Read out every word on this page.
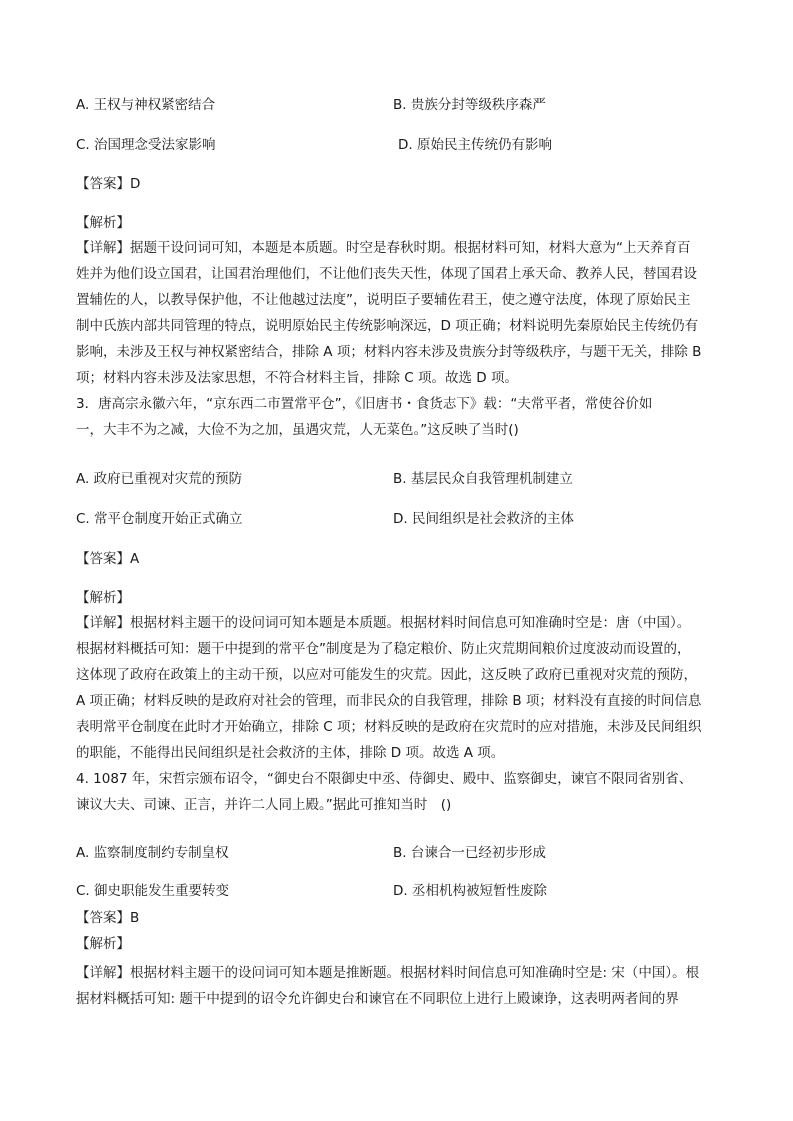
A. 王权与神权紧密结合	B. 贵族分封等级秩序森严
C. 治国理念受法家影响	D. 原始民主传统仍有影响
【答案】D
【解析】
【详解】据题干设问词可知，本题是本质题。时空是春秋时期。根据材料可知，材料大意为“上天养育百
姓并为他们设立国君，让国君治理他们，不让他们丧失天性，体现了国君上承天命、教养人民，替国君设
置辅佐的人，以教导保护他，不让他越过法度”，说明臣子要辅佐君王，使之遵守法度，体现了原始民主
制中氏族内部共同管理的特点，说明原始民主传统影响深远，D 项正确；材料说明先秦原始民主传统仍有
影响，未涉及王权与神权紧密结合，排除 A 项；材料内容未涉及贵族分封等级秩序，与题干无关，排除 B
项；材料内容未涉及法家思想，不符合材料主旨，排除 C 项。故选 D 项。
3．唐高宗永徽六年，“京东西二市置常平仓”，《旧唐书・食货志下》载：“夫常平者，常使谷价如
一，大丰不为之减，大俭不为之加，虽遇灾荒，人无菜色。”这反映了当时()
A. 政府已重视对灾荒的预防	B. 基层民众自我管理机制建立
C. 常平仓制度开始正式确立	D. 民间组织是社会救济的主体
【答案】A
【解析】
【详解】根据材料主题干的设问词可知本题是本质题。根据材料时间信息可知准确时空是：唐（中国）。
根据材料概括可知：题干中提到的常平仓”制度是为了稳定粮价、防止灾荒期间粮价过度波动而设置的，
这体现了政府在政策上的主动干预，以应对可能发生的灾荒。因此，这反映了政府已重视对灾荒的预防，
A 项正确；材料反映的是政府对社会的管理，而非民众的自我管理，排除 B 项；材料没有直接的时间信息
表明常平仓制度在此时才开始确立，排除 C 项；材料反映的是政府在灾荒时的应对措施，未涉及民间组织
的职能，不能得出民间组织是社会救济的主体，排除 D 项。故选 A 项。
4. 1087 年，宋哲宗颁布诏令，“御史台不限御史中丞、侍御史、殿中、监察御史，谏官不限同省别省、
谏议大夫、司谏、正言，并许二人同上殿。”据此可推知当时　()
A. 监察制度制约专制皇权	B. 台谏合一已经初步形成
C. 御史职能发生重要转变	D. 丞相机构被短暂性废除
【答案】B
【解析】
【详解】根据材料主题干的设问词可知本题是推断题。根据材料时间信息可知准确时空是: 宋（中国）。根
据材料概括可知: 题干中提到的诏令允许御史台和谏官在不同职位上进行上殿谏诤，这表明两者间的界
